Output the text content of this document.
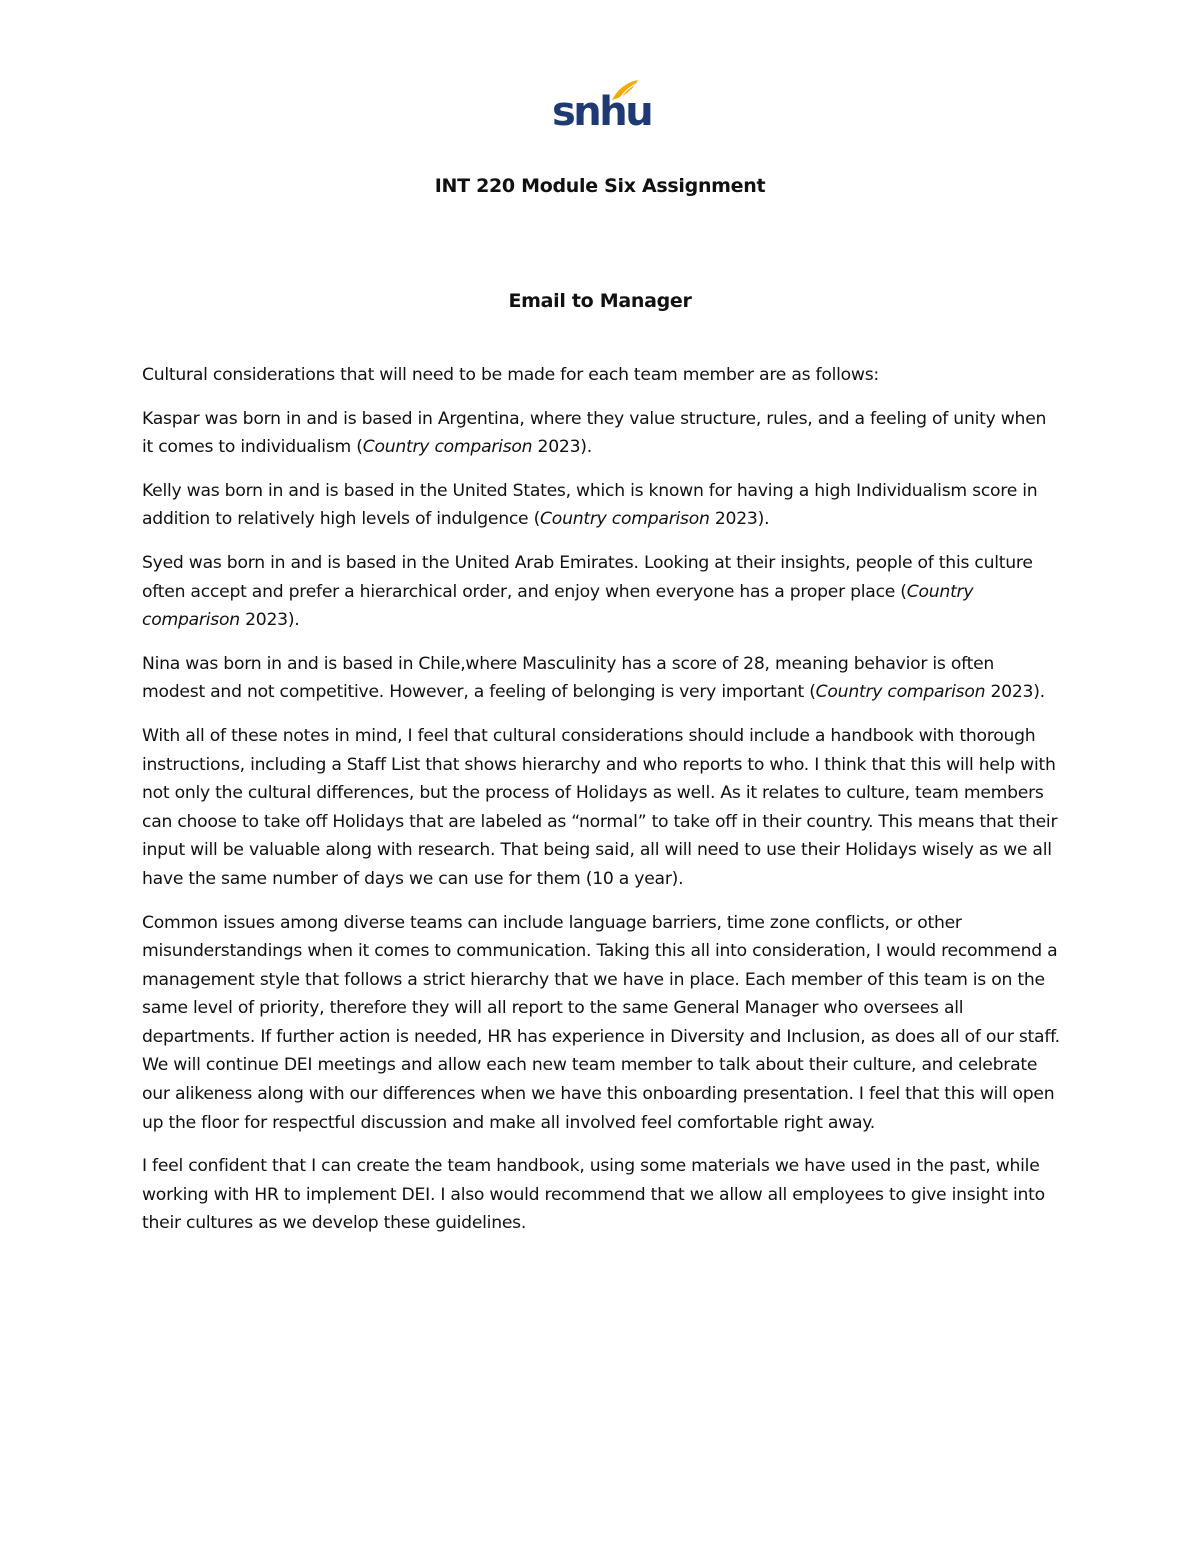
snhu
INT 220 Module Six Assignment
Email to Manager

Cultural considerations that will need to be made for each team member are as follows:

Kaspar was born in and is based in Argentina, where they value structure, rules, and a feeling of unity when it comes to individualism (Country comparison 2023).

Kelly was born in and is based in the United States, which is known for having a high Individualism score in addition to relatively high levels of indulgence (Country comparison 2023).

Syed was born in and is based in the United Arab Emirates. Looking at their insights, people of this culture often accept and prefer a hierarchical order, and enjoy when everyone has a proper place (Country comparison 2023).

Nina was born in and is based in Chile,where Masculinity has a score of 28, meaning behavior is often modest and not competitive. However, a feeling of belonging is very important (Country comparison 2023).

With all of these notes in mind, I feel that cultural considerations should include a handbook with thorough instructions, including a Staff List that shows hierarchy and who reports to who. I think that this will help with not only the cultural differences, but the process of Holidays as well. As it relates to culture, team members can choose to take off Holidays that are labeled as “normal” to take off in their country. This means that their input will be valuable along with research. That being said, all will need to use their Holidays wisely as we all have the same number of days we can use for them (10 a year).

Common issues among diverse teams can include language barriers, time zone conflicts, or other misunderstandings when it comes to communication. Taking this all into consideration, I would recommend a management style that follows a strict hierarchy that we have in place. Each member of this team is on the same level of priority, therefore they will all report to the same General Manager who oversees all departments. If further action is needed, HR has experience in Diversity and Inclusion, as does all of our staff. We will continue DEI meetings and allow each new team member to talk about their culture, and celebrate our alikeness along with our differences when we have this onboarding presentation. I feel that this will open up the floor for respectful discussion and make all involved feel comfortable right away.

I feel confident that I can create the team handbook, using some materials we have used in the past, while working with HR to implement DEI. I also would recommend that we allow all employees to give insight into their cultures as we develop these guidelines.
